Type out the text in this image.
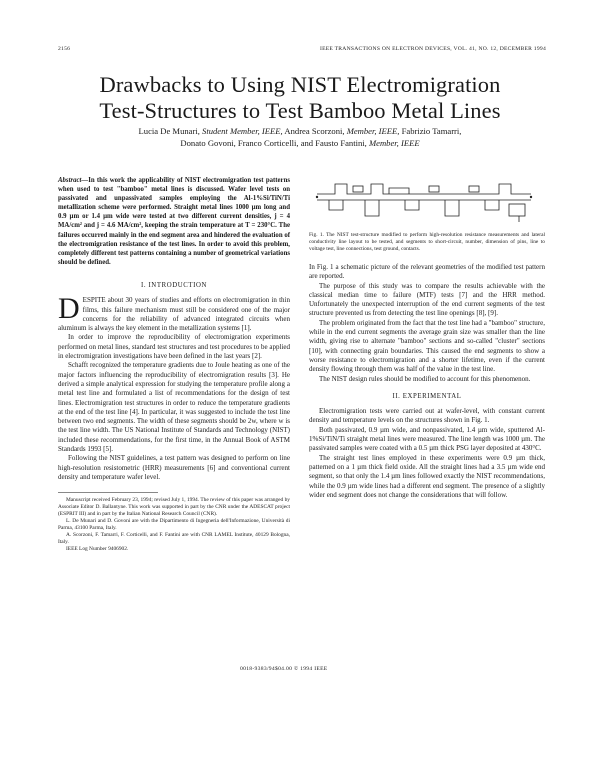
2156	IEEE TRANSACTIONS ON ELECTRON DEVICES, VOL. 41, NO. 12, DECEMBER 1994
Drawbacks to Using NIST Electromigration
Test-Structures to Test Bamboo Metal Lines
Lucia De Munari, Student Member, IEEE, Andrea Scorzoni, Member, IEEE, Fabrizio Tamarri,
Donato Govoni, Franco Corticelli, and Fausto Fantini, Member, IEEE
Abstract—In this work the applicability of NIST electromigration test patterns when used to test "bamboo" metal lines is discussed. Wafer level tests on passivated and unpassivated samples employing the Al-1%Si/TiN/Ti metallization scheme were performed. Straight metal lines 1000 µm long and 0.9 µm or 1.4 µm wide were tested at two different current densities, j = 4 MA/cm² and j = 4.6 MA/cm², keeping the strain temperature at T = 230°C. The failures occurred mainly in the end segment area and hindered the evaluation of the electromigration resistance of the test lines. In order to avoid this problem, completely different test patterns containing a number of geometrical variations should be defined.
I. INTRODUCTION

DESPITE about 30 years of studies and efforts on electromigration in thin films, this failure mechanism must still be considered one of the major concerns for the reliability of advanced integrated circuits when aluminum is always the key element in the metallization systems [1].

In order to improve the reproducibility of electromigration experiments performed on metal lines, standard test structures and test procedures to be applied in electromigration investigations have been defined in the last years [2].

Schafft recognized the temperature gradients due to Joule heating as one of the major factors influencing the reproducibility of electromigration results [3]. He derived a simple analytical expression for studying the temperature profile along a metal test line and formulated a list of recommendations for the design of test lines. Electromigration test structures in order to reduce the temperature gradients at the end of the test line [4]. In particular, it was suggested to include the test line between two end segments. The width of these segments should be 2w, where w is the test line width. The US National Institute of Standards and Technology (NIST) included these recommendations, for the first time, in the Annual Book of ASTM Standards 1993 [5].

Following the NIST guidelines, a test pattern was designed to perform on line high-resolution resistometric (HRR) measurements [6] and conventional current density and temperature wafer level.

Manuscript received February 23, 1994; revised July 1, 1994. The review of this paper was arranged by Associate Editor D. Ballantyne. This work was supported in part by the CNR under the ADESCAT project (ESPRIT III) and in part by the Italian National Research Council (CNR).

L. De Munari and D. Govoni are with the Dipartimento di Ingegneria dell'Informazione, Università di Parma, 43100 Parma, Italy.

A. Scorzoni, F. Tamarri, F. Corticelli, and F. Fantini are with CNR LAMEL Institute, 40129 Bologna, Italy.

IEEE Log Number 9406902.

Fig. 1. The NIST test-structure modified to perform high-resolution resistance measurements and lateral conductivity line layout to be tested, and segments to short-circuit, number, dimension of pins, line to voltage test, line connections, test ground, contacts.

In Fig. 1 a schematic picture of the relevant geometries of the modified test pattern are reported.

The purpose of this study was to compare the results achievable with the classical median time to failure (MTF) tests [7] and the HRR method. Unfortunately the unexpected interruption of the end current segments of the test structure prevented us from detecting the test line openings [8], [9].

The problem originated from the fact that the test line had a "bamboo" structure, while in the end current segments the average grain size was smaller than the line width, giving rise to alternate "bamboo" sections and so-called "cluster" sections [10], with connecting grain boundaries. This caused the end segments to show a worse resistance to electromigration and a shorter lifetime, even if the current density flowing through them was half of the value in the test line.

The NIST design rules should be modified to account for this phenomenon.

II. EXPERIMENTAL

Electromigration tests were carried out at wafer-level, with constant current density and temperature levels on the structures shown in Fig. 1.

Both passivated, 0.9 µm wide, and nonpassivated, 1.4 µm wide, sputtered Al-1%Si/TiN/Ti straight metal lines were measured. The line length was 1000 µm. The passivated samples were coated with a 0.5 µm thick PSG layer deposited at 430°C.

The straight test lines employed in these experiments were 0.9 µm thick, patterned on a 1 µm thick field oxide. All the straight lines had a 3.5 µm wide end segment, so that only the 1.4 µm lines followed exactly the NIST recommendations, while the 0.9 µm wide lines had a different end segment. The presence of a slightly wider end segment does not change the considerations that will follow.

0018-9383/94$04.00 © 1994 IEEE
